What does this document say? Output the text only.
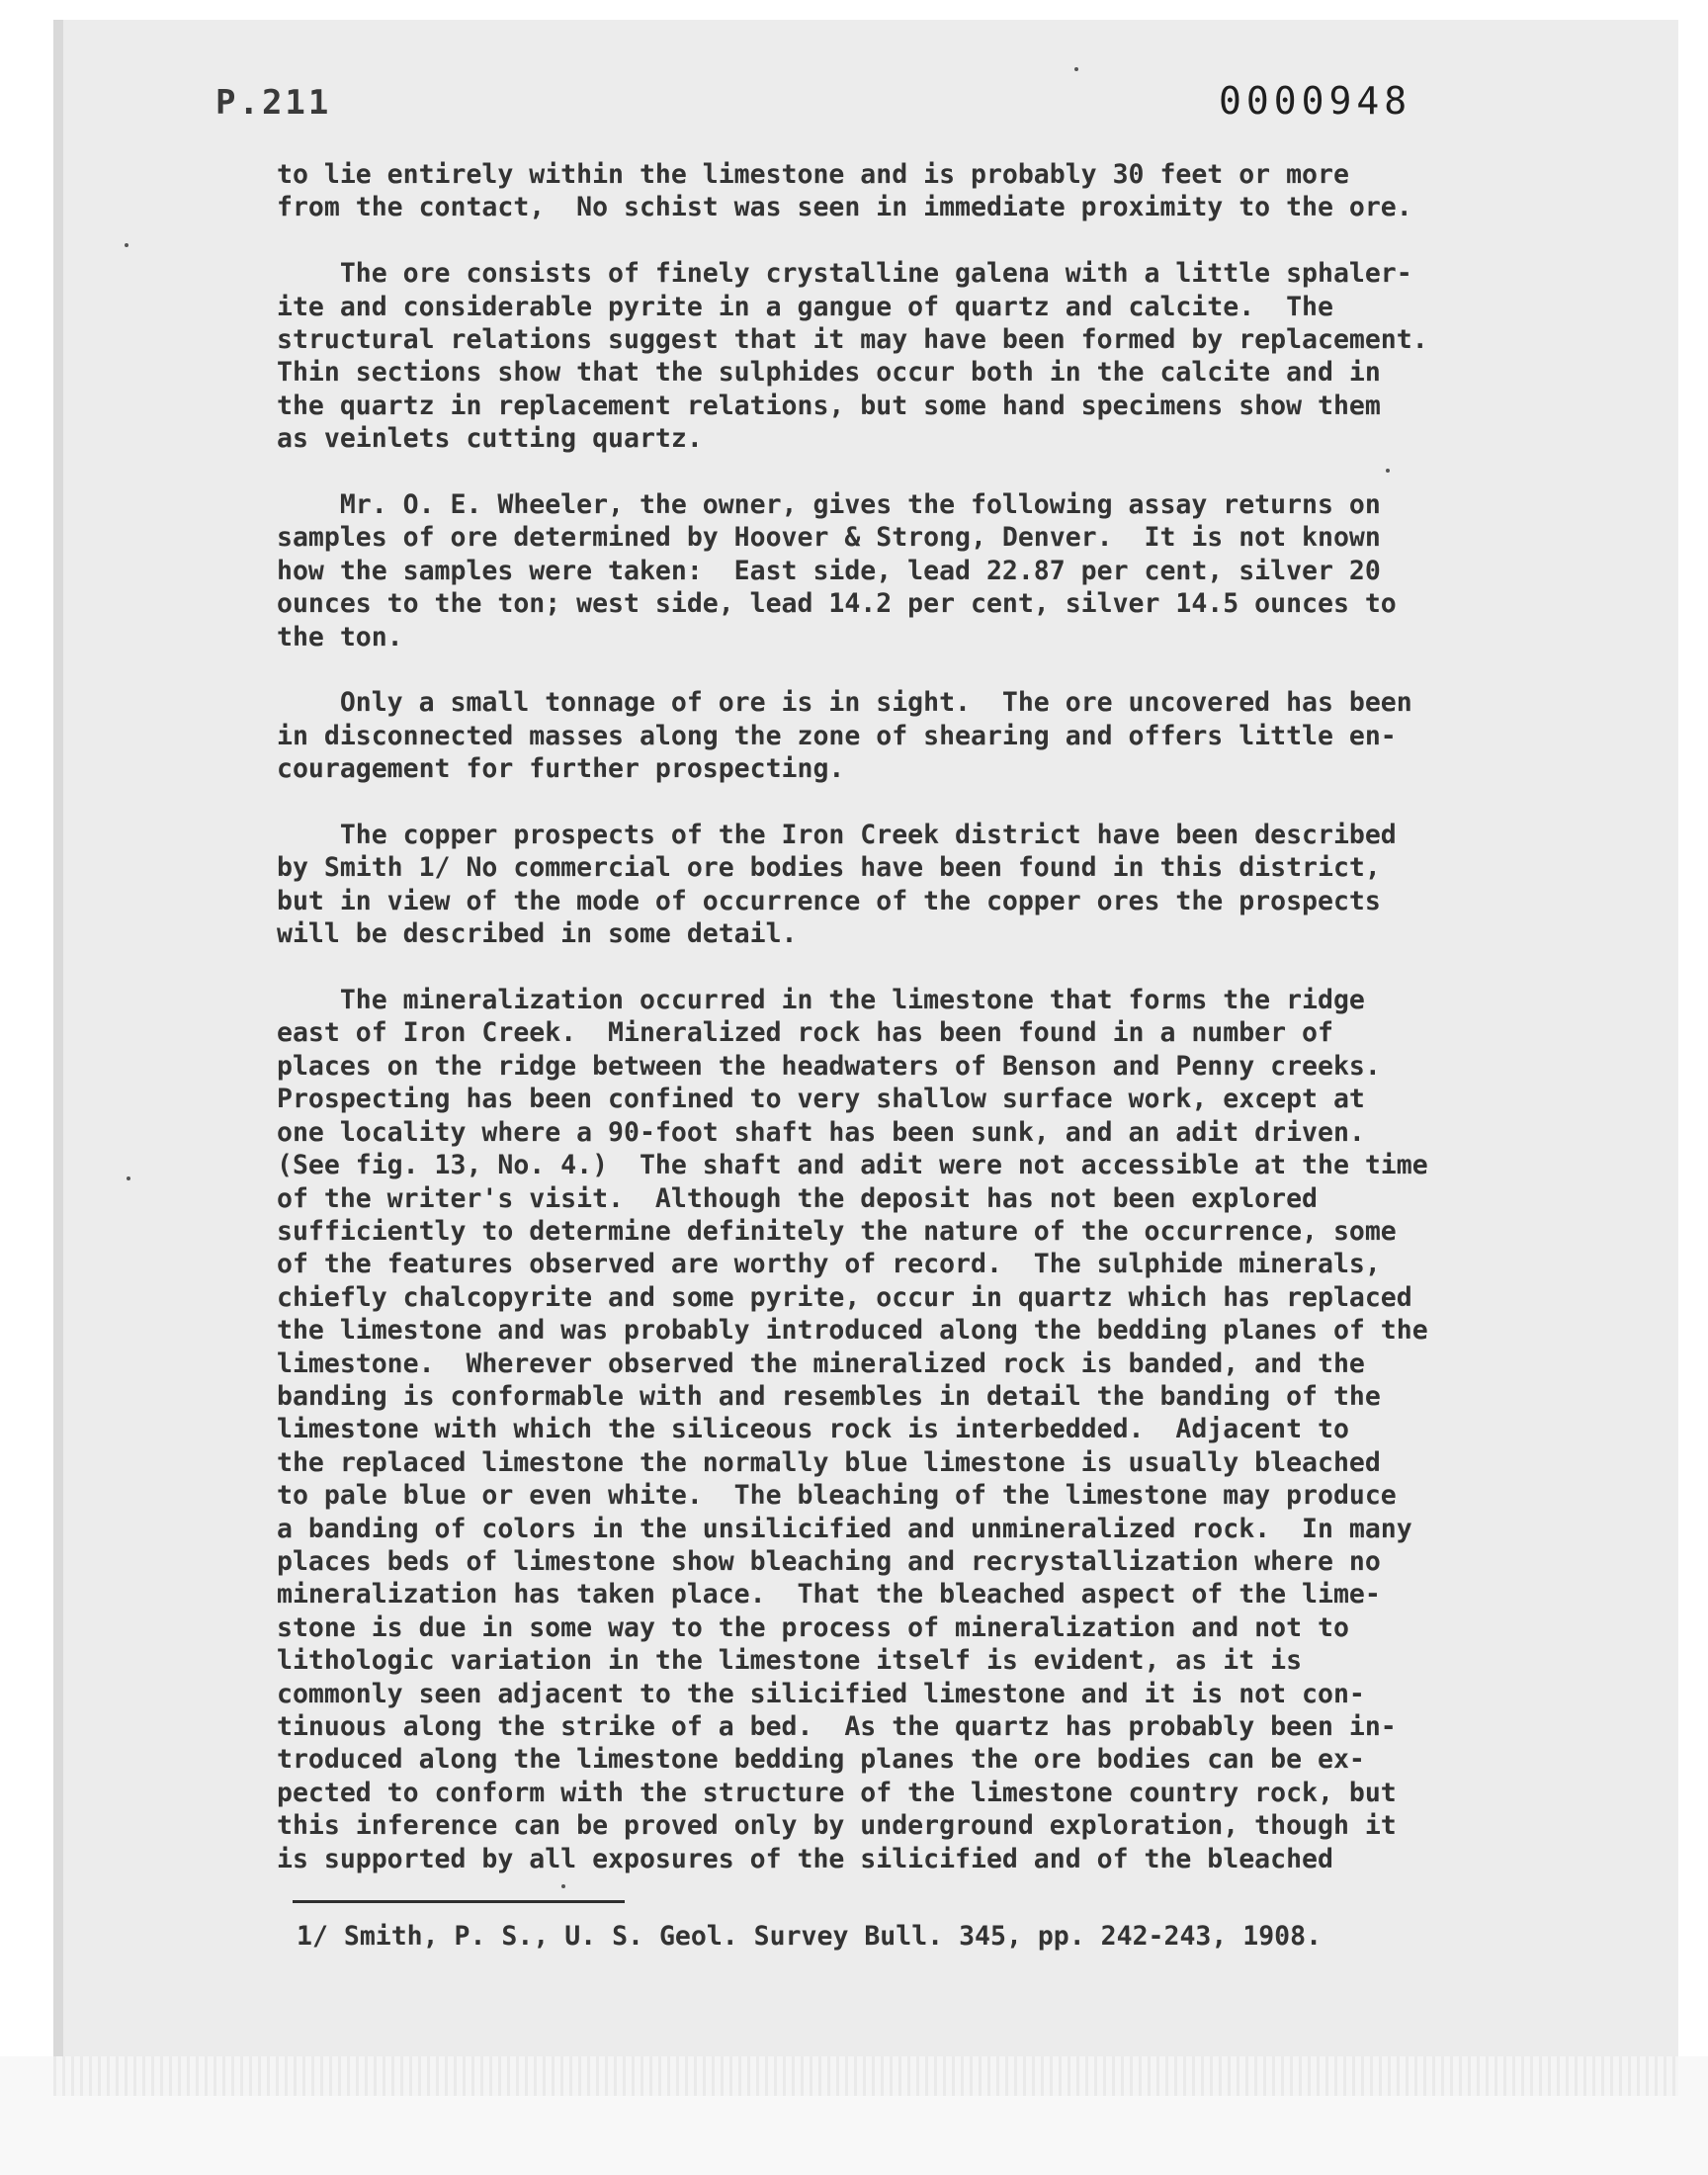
P.211	0000948

to lie entirely within the limestone and is probably 30 feet or more
from the contact,  No schist was seen in immediate proximity to the ore.

The ore consists of finely crystalline galena with a little sphaler-
ite and considerable pyrite in a gangue of quartz and calcite.  The
structural relations suggest that it may have been formed by replacement.
Thin sections show that the sulphides occur both in the calcite and in
the quartz in replacement relations, but some hand specimens show them
as veinlets cutting quartz.

Mr. O. E. Wheeler, the owner, gives the following assay returns on
samples of ore determined by Hoover & Strong, Denver.  It is not known
how the samples were taken:  East side, lead 22.87 per cent, silver 20
ounces to the ton; west side, lead 14.2 per cent, silver 14.5 ounces to
the ton.

Only a small tonnage of ore is in sight.  The ore uncovered has been
in disconnected masses along the zone of shearing and offers little en-
couragement for further prospecting.

The copper prospects of the Iron Creek district have been described
by Smith 1/ No commercial ore bodies have been found in this district,
but in view of the mode of occurrence of the copper ores the prospects
will be described in some detail.

The mineralization occurred in the limestone that forms the ridge
east of Iron Creek.  Mineralized rock has been found in a number of
places on the ridge between the headwaters of Benson and Penny creeks.
Prospecting has been confined to very shallow surface work, except at
one locality where a 90-foot shaft has been sunk, and an adit driven.
(See fig. 13, No. 4.)  The shaft and adit were not accessible at the time
of the writer's visit.  Although the deposit has not been explored
sufficiently to determine definitely the nature of the occurrence, some
of the features observed are worthy of record.  The sulphide minerals,
chiefly chalcopyrite and some pyrite, occur in quartz which has replaced
the limestone and was probably introduced along the bedding planes of the
limestone.  Wherever observed the mineralized rock is banded, and the
banding is conformable with and resembles in detail the banding of the
limestone with which the siliceous rock is interbedded.  Adjacent to
the replaced limestone the normally blue limestone is usually bleached
to pale blue or even white.  The bleaching of the limestone may produce
a banding of colors in the unsilicified and unmineralized rock.  In many
places beds of limestone show bleaching and recrystallization where no
mineralization has taken place.  That the bleached aspect of the lime-
stone is due in some way to the process of mineralization and not to
lithologic variation in the limestone itself is evident, as it is
commonly seen adjacent to the silicified limestone and it is not con-
tinuous along the strike of a bed.  As the quartz has probably been in-
troduced along the limestone bedding planes the ore bodies can be ex-
pected to conform with the structure of the limestone country rock, but
this inference can be proved only by underground exploration, though it
is supported by all exposures of the silicified and of the bleached

1/ Smith, P. S., U. S. Geol. Survey Bull. 345, pp. 242-243, 1908.
